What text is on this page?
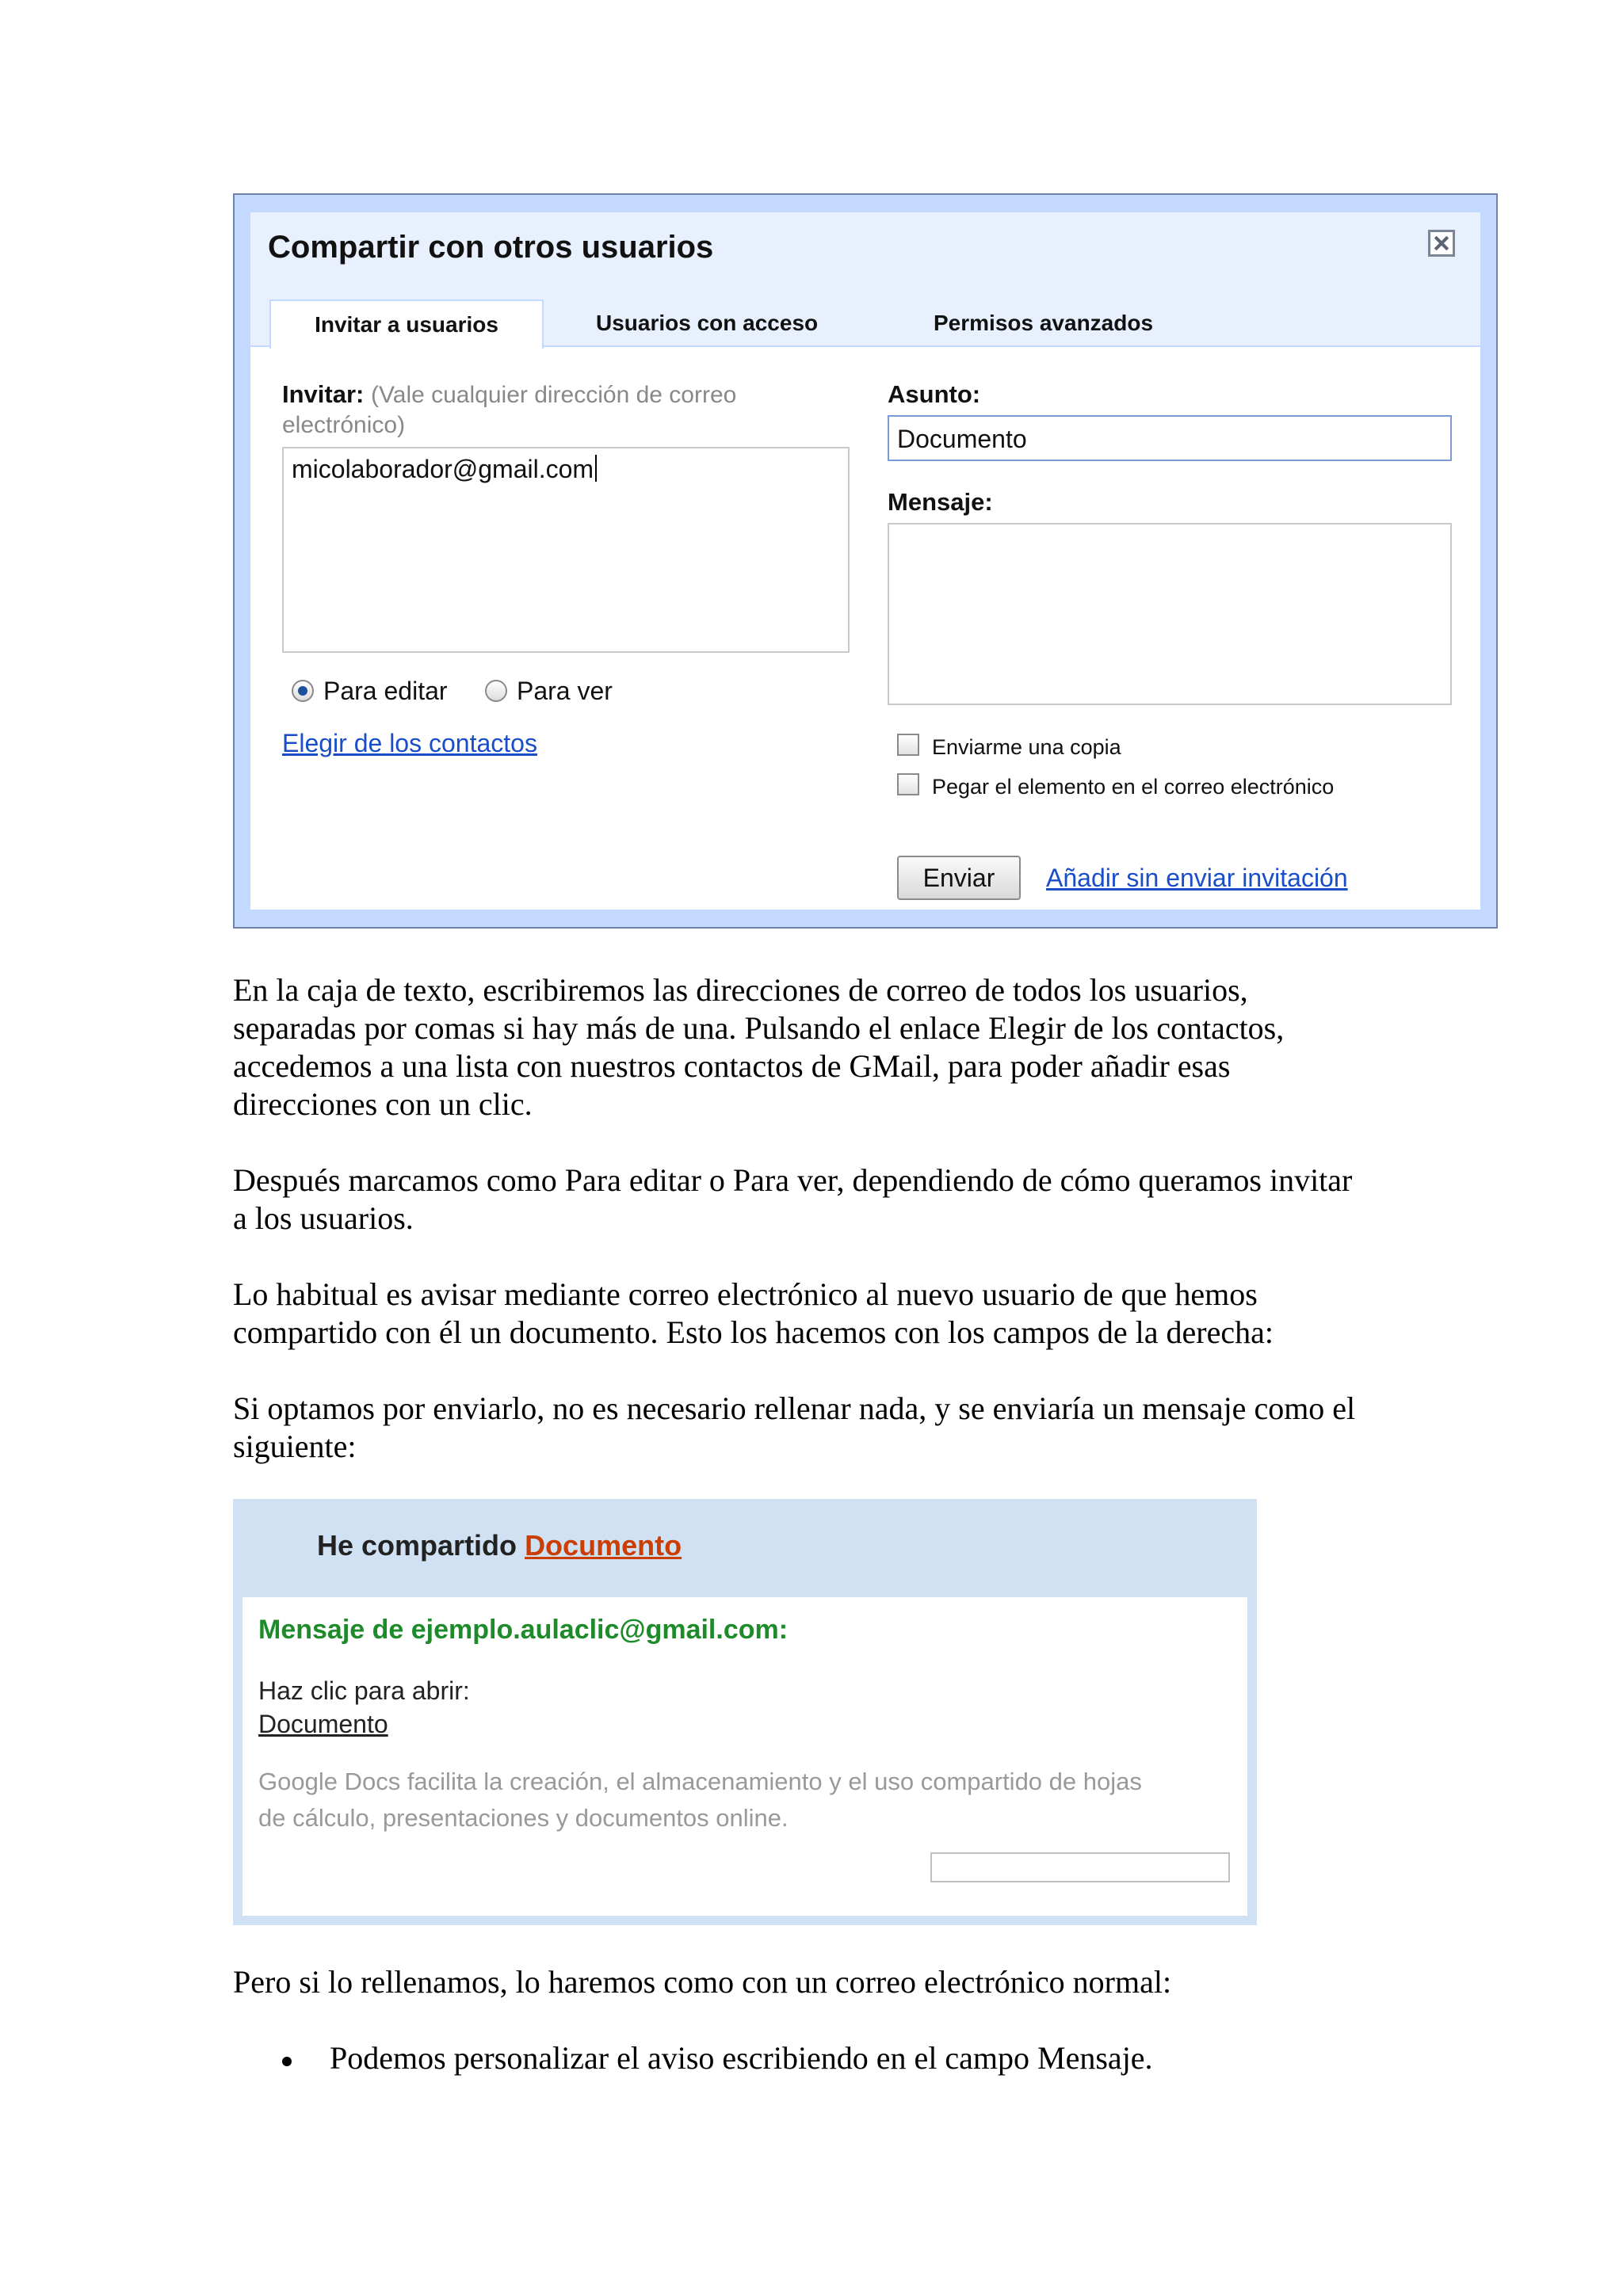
Compartir con otros usuarios
Invitar a usuarios	Usuarios con acceso	Permisos avanzados
Invitar: (Vale cualquier dirección de correo
electrónico)
micolaborador@gmail.com
Para editar	Para ver
Elegir de los contactos
Asunto:
Documento
Mensaje:
Enviarme una copia
Pegar el elemento en el correo electrónico
Enviar	Añadir sin enviar invitación

En la caja de texto, escribiremos las direcciones de correo de todos los usuarios,

separadas por comas si hay más de una. Pulsando el enlace Elegir de los contactos,

accedemos a una lista con nuestros contactos de GMail, para poder añadir esas

direcciones con un clic.

Después marcamos como Para editar o Para ver, dependiendo de cómo queramos invitar

a los usuarios.

Lo habitual es avisar mediante correo electrónico al nuevo usuario de que hemos

compartido con él un documento. Esto los hacemos con los campos de la derecha:

Si optamos por enviarlo, no es necesario rellenar nada, y se enviaría un mensaje como el

siguiente:

He compartido Documento
Mensaje de ejemplo.aulaclic@gmail.com:
Haz clic para abrir:
Documento
Google Docs facilita la creación, el almacenamiento y el uso compartido de hojas
de cálculo, presentaciones y documentos online.
Pero si lo rellenamos, lo haremos como con un correo electrónico normal:
Podemos personalizar el aviso escribiendo en el campo Mensaje.
